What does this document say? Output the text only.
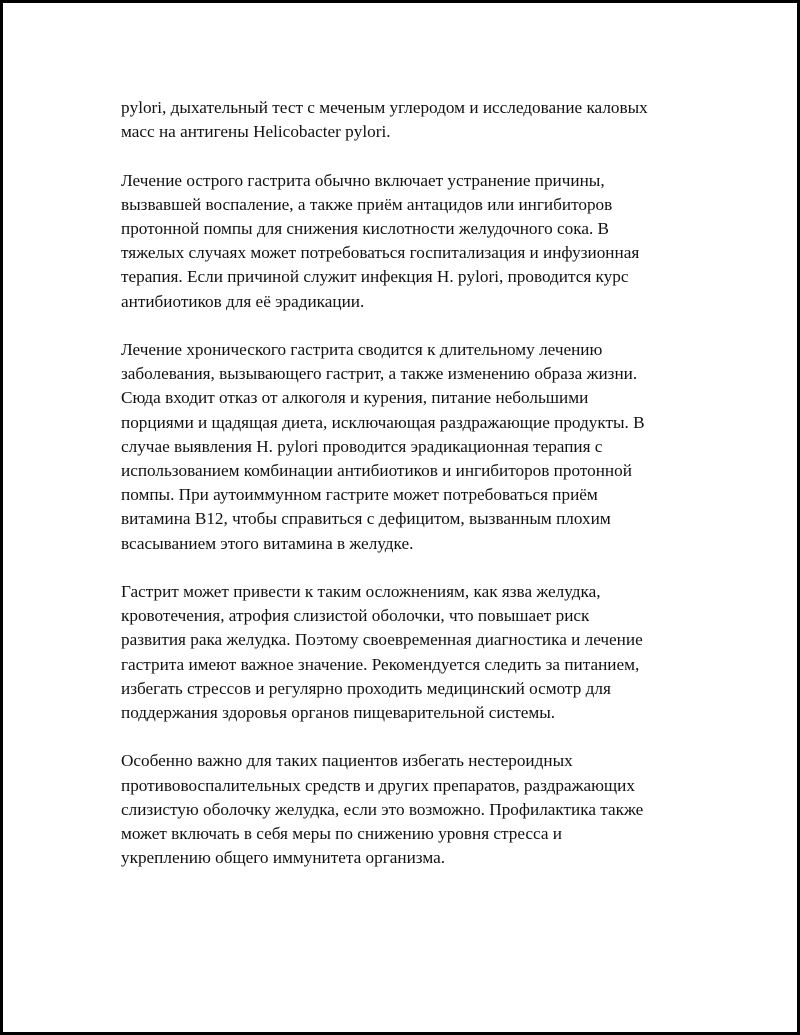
pylori, дыхательный тест с меченым углеродом и исследование каловых
масс на антигены Helicobacter pylori.

Лечение острого гастрита обычно включает устранение причины,
вызвавшей воспаление, а также приём антацидов или ингибиторов
протонной помпы для снижения кислотности желудочного сока. В
тяжелых случаях может потребоваться госпитализация и инфузионная
терапия. Если причиной служит инфекция H. pylori, проводится курс
антибиотиков для её эрадикации.

Лечение хронического гастрита сводится к длительному лечению
заболевания, вызывающего гастрит, а также изменению образа жизни.
Сюда входит отказ от алкоголя и курения, питание небольшими
порциями и щадящая диета, исключающая раздражающие продукты. В
случае выявления H. pylori проводится эрадикационная терапия с
использованием комбинации антибиотиков и ингибиторов протонной
помпы. При аутоиммунном гастрите может потребоваться приём
витамина B12, чтобы справиться с дефицитом, вызванным плохим
всасыванием этого витамина в желудке.

Гастрит может привести к таким осложнениям, как язва желудка,
кровотечения, атрофия слизистой оболочки, что повышает риск
развития рака желудка. Поэтому своевременная диагностика и лечение
гастрита имеют важное значение. Рекомендуется следить за питанием,
избегать стрессов и регулярно проходить медицинский осмотр для
поддержания здоровья органов пищеварительной системы.

Особенно важно для таких пациентов избегать нестероидных
противовоспалительных средств и других препаратов, раздражающих
слизистую оболочку желудка, если это возможно. Профилактика также
может включать в себя меры по снижению уровня стресса и
укреплению общего иммунитета организма.
